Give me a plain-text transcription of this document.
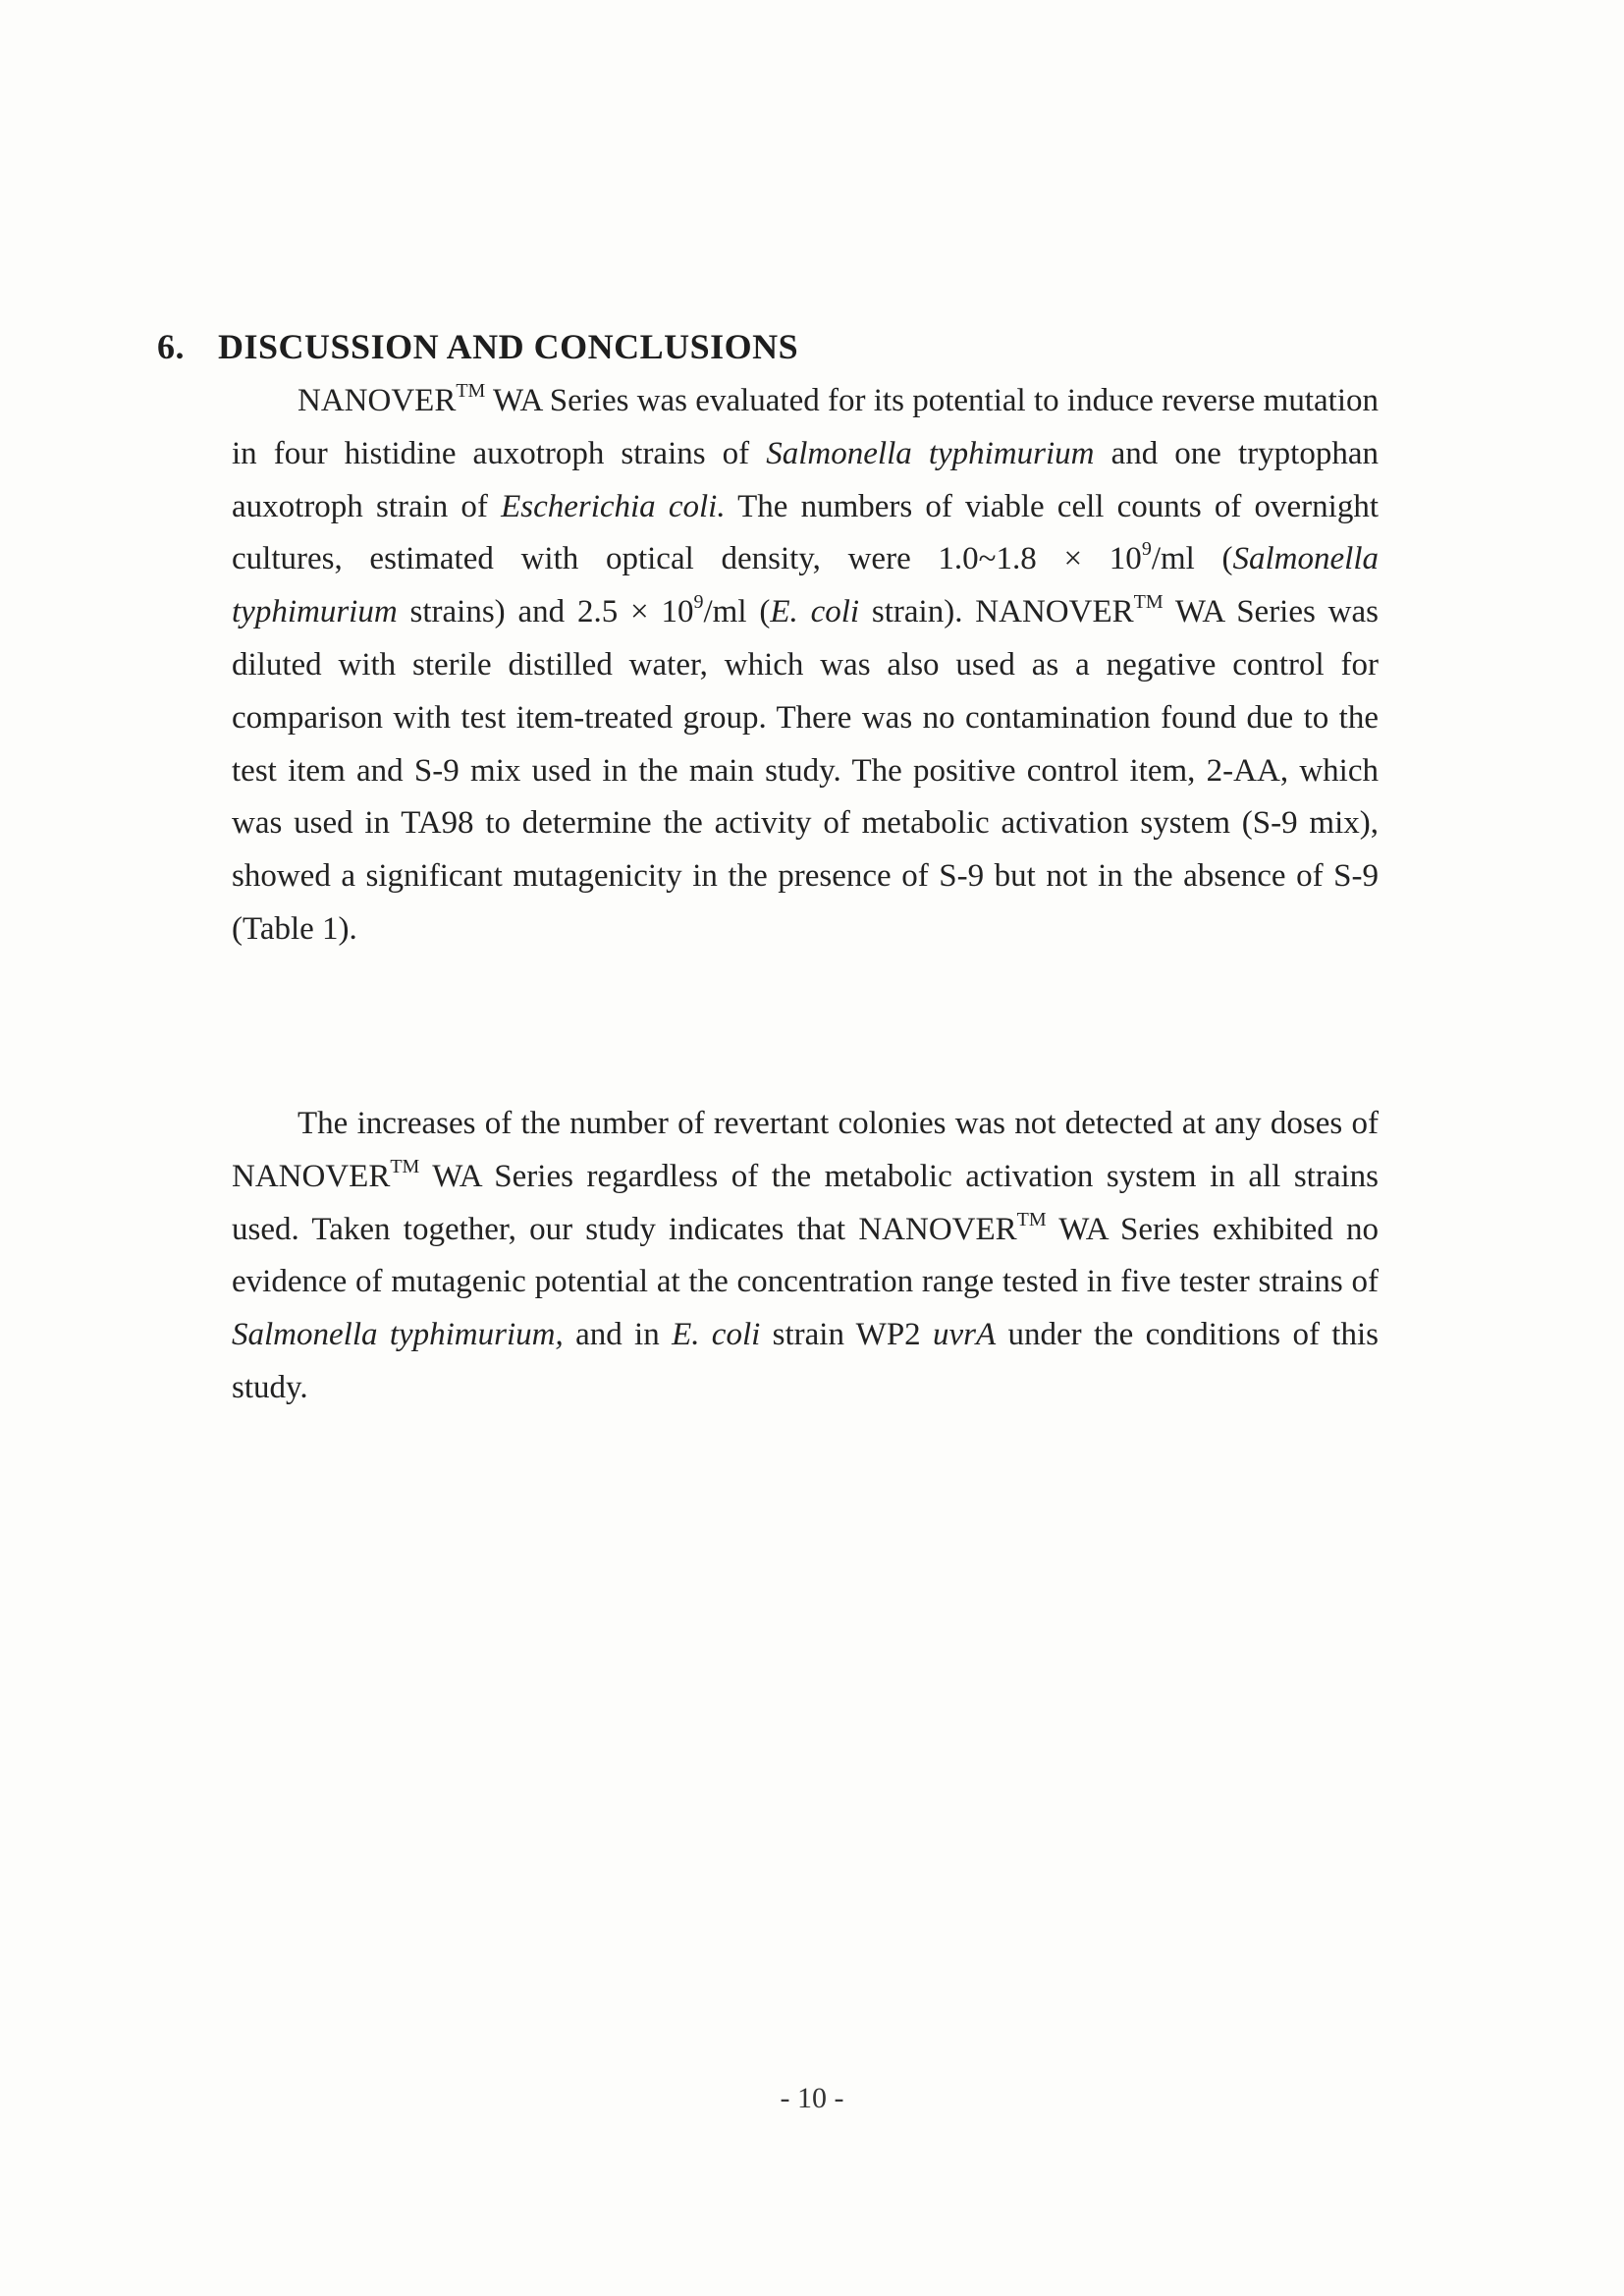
6. DISCUSSION AND CONCLUSIONS

NANOVER™ WA Series was evaluated for its potential to induce reverse mutation in four histidine auxotroph strains of Salmonella typhimurium and one tryptophan auxotroph strain of Escherichia coli. The numbers of viable cell counts of overnight cultures, estimated with optical density, were 1.0~1.8 × $10^9/ml$ (Salmonella typhimurium strains) and $2.5 \times 10^9/ml$ (E. coli strain). NANOVER™ WA Series was diluted with sterile distilled water, which was also used as a negative control for comparison with test item-treated group. There was no contamination found due to the test item and S-9 mix used in the main study. The positive control item, 2-AA, which was used in TA98 to determine the activity of metabolic activation system (S-9 mix), showed a significant mutagenicity in the presence of S-9 but not in the absence of S-9 (Table 1).

The increases of the number of revertant colonies was not detected at any doses of NANOVER™ WA Series regardless of the metabolic activation system in all strains used. Taken together, our study indicates that NANOVER™ WA Series exhibited no evidence of mutagenic potential at the concentration range tested in five tester strains of Salmonella typhimurium, and in E. coli strain WP2 uvrA under the conditions of this study.

- 10 -
